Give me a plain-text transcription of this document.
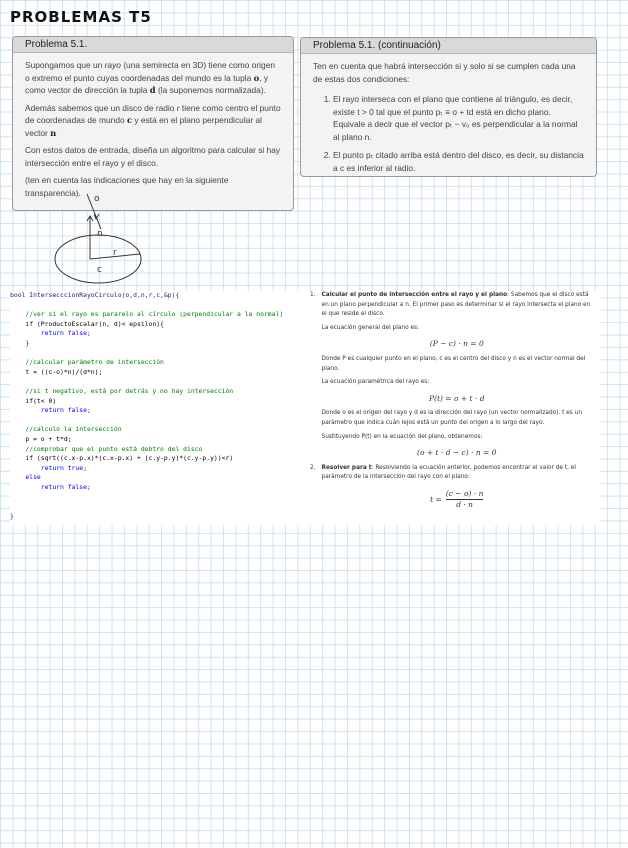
PROBLEMAS T5
Problema 5.1.

Supongamos que un rayo (una semirecta en 3D) tiene como origen o extremo el punto cuyas coordenadas del mundo es la tupla o, y como vector de dirección la tupla d (la suponemos normalizada).

Además sabemos que un disco de radio r tiene como centro el punto de coordenadas de mundo c y está en el plano perpendicular al vector n

Con estos datos de entrada, diseña un algoritmo para calcular si hay intersección entre el rayo y el disco.

(ten en cuenta las indicaciones que hay en la siguiente transparencia).

Problema 5.1. (continuación)

Ten en cuenta que habrá intersección si y solo si se cumplen cada una de estas dos condiciones:

1. El rayo interseca con el plano que contiene al triángulo, es decir, existe t > 0 tal que el punto pₜ ≡ o + td está en dicho plano. Equivale a decir que el vector pₜ − v₀ es perpendicular a la normal al plano n.
2. El punto pₜ citado arriba está dentro del disco, es decir, su distancia a c es inferior al radio.
o
n
r
c
bool IntersecccionRayoCirculo(o,d,n,r,c,&p){
//ver si el rayo es pararelo al círculo (perpendicular a la normal)
if (ProductoEscalar(n, d)< epsilon){
return false;
}
//calcular parámetro de intersección
t = ((c-o)*n)/(d*n);
//si t negativo, está por detrás y no hay intersección
if(t< 0)
return false;
//calculo la intersección
p = o + t*d;
//comprobar que el punto está debtro del disco
if (sqrt((c.x-p.x)*(c.x-p.x) + (c.y-p.y)*(c.y-p.y))<r)
return true;
else
return false;
}
1. Calcular el punto de intersección entre el rayo y el plano: Sabemos que el disco está en un plano perpendicular a n. El primer paso es determinar si el rayo intersecta el plano en el que reside el disco.

La ecuación general del plano es:

(P − c) · n = 0

Donde P es cualquier punto en el plano, c es el centro del disco y n es el vector normal del plano.

La ecuación paramétrica del rayo es:

P(t) = o + t · d

Donde o es el origen del rayo y d es la dirección del rayo (un vector normalizado). t es un parámetro que indica cuán lejos está un punto del origen a lo largo del rayo.

Sustituyendo P(t) en la ecuación del plano, obtenemos:

(o + t · d − c) · n = 0
2. Resolver para t: Resolviendo la ecuación anterior, podemos encontrar el valor de t, el parámetro de la intersección del rayo con el plano:

$t = \frac{(c - o) \cdot n}{d \cdot n}$
